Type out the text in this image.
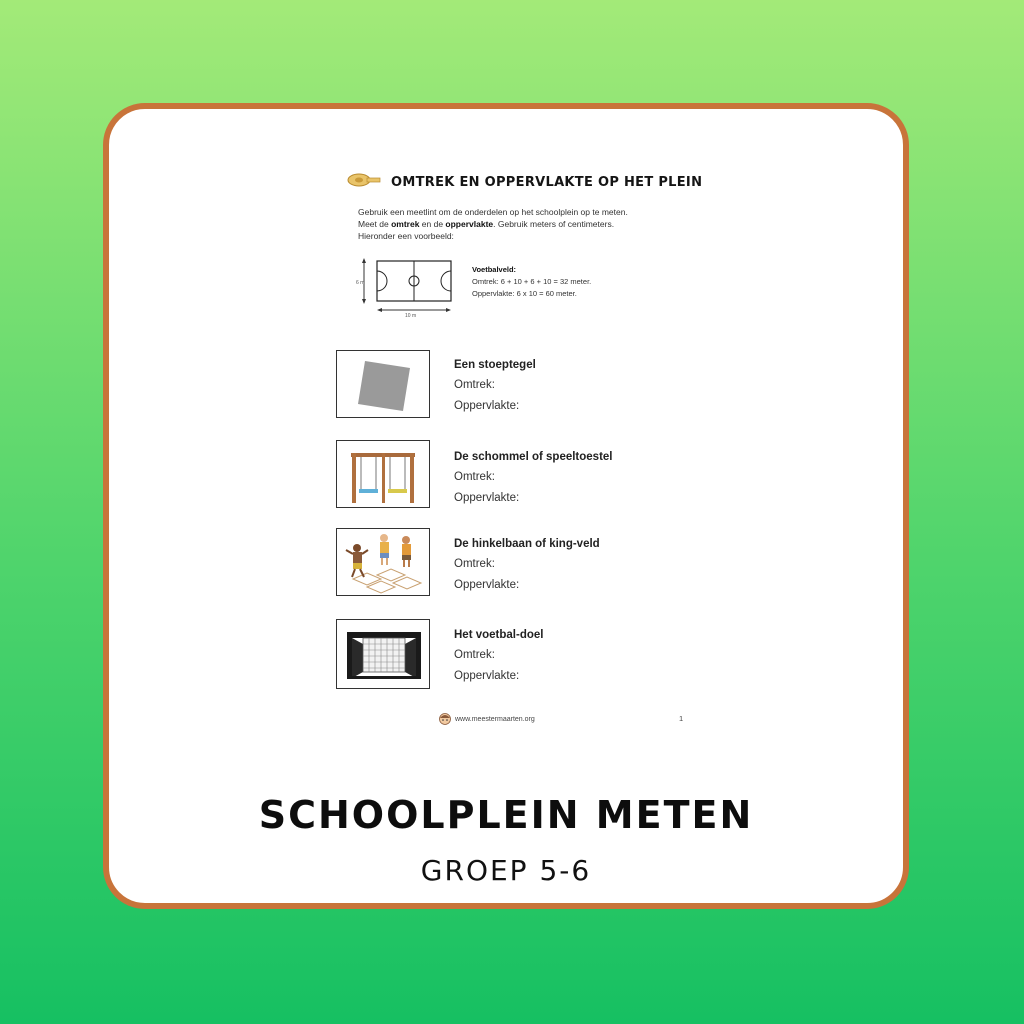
OMTREK EN OPPERVLAKTE OP HET PLEIN
Gebruik een meetlint om de onderdelen op het schoolplein op te meten.
Meet de omtrek en de oppervlakte. Gebruik meters of centimeters.
Hieronder een voorbeeld:
6 m
10 m
Voetbalveld:
Omtrek: 6 + 10 + 6 + 10 = 32 meter.
Oppervlakte: 6 x 10 = 60 meter.
Een stoeptegel
Omtrek:
Oppervlakte:
De schommel of speeltoestel
Omtrek:
Oppervlakte:
De hinkelbaan of king-veld
Omtrek:
Oppervlakte:
Het voetbal-doel
Omtrek:
Oppervlakte:
www.meestermaarten.org	1
SCHOOLPLEIN METEN
GROEP 5-6
